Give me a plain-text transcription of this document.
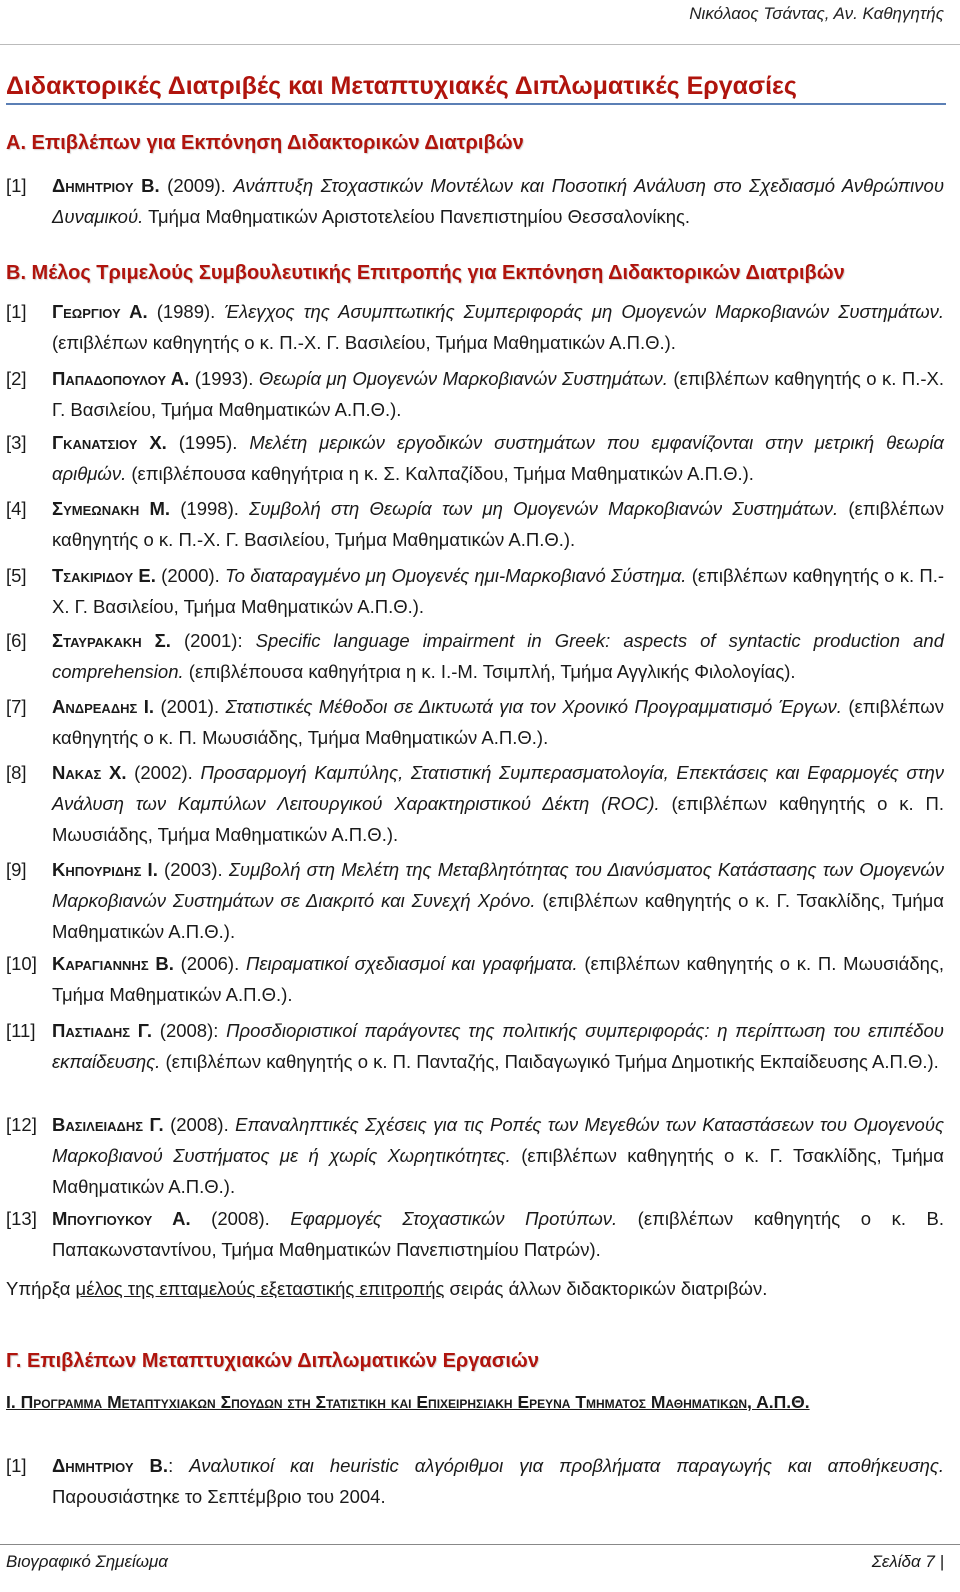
Νικόλαος Τσάντας, Αν. Καθηγητής
Διδακτορικές Διατριβές και Μεταπτυχιακές Διπλωματικές Εργασίες
Α. Επιβλέπων για Εκπόνηση Διδακτορικών Διατριβών
[1] Δημητριου Β. (2009). Ανάπτυξη Στοχαστικών Μοντέλων και Ποσοτική Ανάλυση στο Σχεδιασμό Ανθρώπινου Δυναμικού. Τμήμα Μαθηματικών Αριστοτελείου Πανεπιστημίου Θεσσαλονίκης.
Β. Μέλος Τριμελούς Συμβουλευτικής Επιτροπής για Εκπόνηση Διδακτορικών Διατριβών
[1] Γεωργιου Α. (1989). Έλεγχος της Ασυμπτωτικής Συμπεριφοράς μη Ομογενών Μαρκοβιανών Συστημάτων. (επιβλέπων καθηγητής ο κ. Π.-Χ. Γ. Βασιλείου, Τμήμα Μαθηματικών Α.Π.Θ.).
[2] Παπαδοπουλου Α. (1993). Θεωρία μη Ομογενών Μαρκοβιανών Συστημάτων. (επιβλέπων καθηγητής ο κ. Π.-Χ. Γ. Βασιλείου, Τμήμα Μαθηματικών Α.Π.Θ.).
[3] Γκανατσιου Χ. (1995). Μελέτη μερικών εργοδικών συστημάτων που εμφανίζονται στην μετρική θεωρία αριθμών. (επιβλέπουσα καθηγήτρια η κ. Σ. Καλπαζίδου, Τμήμα Μαθηματικών Α.Π.Θ.).
[4] Συμεωνακη Μ. (1998). Συμβολή στη Θεωρία των μη Ομογενών Μαρκοβιανών Συστημάτων. (επιβλέπων καθηγητής ο κ. Π.-Χ. Γ. Βασιλείου, Τμήμα Μαθηματικών Α.Π.Θ.).
[5] Τσακιριδου Ε. (2000). Το διαταραγμένο μη Ομογενές ημι-Μαρκοβιανό Σύστημα. (επιβλέπων καθηγητής ο κ. Π.-Χ. Γ. Βασιλείου, Τμήμα Μαθηματικών Α.Π.Θ.).
[6] Σταυρακακη Σ. (2001): Specific language impairment in Greek: aspects of syntactic production and comprehension. (επιβλέπουσα καθηγήτρια η κ. Ι.-Μ. Τσιμπλή, Τμήμα Αγγλικής Φιλολογίας).
[7] Ανδρεαδης Ι. (2001). Στατιστικές Μέθοδοι σε Δικτυωτά για τον Χρονικό Προγραμματισμό Έργων. (επιβλέπων καθηγητής ο κ. Π. Μωυσιάδης, Τμήμα Μαθηματικών Α.Π.Θ.).
[8] Νακας Χ. (2002). Προσαρμογή Καμπύλης, Στατιστική Συμπερασματολογία, Επεκτάσεις και Εφαρμογές στην Ανάλυση των Καμπύλων Λειτουργικού Χαρακτηριστικού Δέκτη (ROC). (επιβλέπων καθηγητής ο κ. Π. Μωυσιάδης, Τμήμα Μαθηματικών Α.Π.Θ.).
[9] Κηπουριδης Ι. (2003). Συμβολή στη Μελέτη της Μεταβλητότητας του Διανύσματος Κατάστασης των Ομογενών Μαρκοβιανών Συστημάτων σε Διακριτό και Συνεχή Χρόνο. (επιβλέπων καθηγητής ο κ. Γ. Τσακλίδης, Τμήμα Μαθηματικών Α.Π.Θ.).
[10] Καραγιαννης Β. (2006). Πειραματικοί σχεδιασμοί και γραφήματα. (επιβλέπων καθηγητής ο κ. Π. Μωυσιάδης, Τμήμα Μαθηματικών Α.Π.Θ.).
[11] Παστιαδης Γ. (2008): Προσδιοριστικοί παράγοντες της πολιτικής συμπεριφοράς: η περίπτωση του επιπέδου εκπαίδευσης. (επιβλέπων καθηγητής ο κ. Π. Πανταζής, Παιδαγωγικό Τμήμα Δημοτικής Εκπαίδευσης Α.Π.Θ.).
[12] Βασιλειαδης Γ. (2008). Επαναληπτικές Σχέσεις για τις Ροπές των Μεγεθών των Καταστάσεων του Ομογενούς Μαρκοβιανού Συστήματος με ή χωρίς Χωρητικότητες. (επιβλέπων καθηγητής ο κ. Γ. Τσακλίδης, Τμήμα Μαθηματικών Α.Π.Θ.).
[13] Μπουγιουκου Α. (2008). Εφαρμογές Στοχαστικών Προτύπων. (επιβλέπων καθηγητής ο κ. Β. Παπακωνσταντίνου, Τμήμα Μαθηματικών Πανεπιστημίου Πατρών).
Υπήρξα μέλος της επταμελούς εξεταστικής επιτροπής σειράς άλλων διδακτορικών διατριβών.
Γ. Επιβλέπων Μεταπτυχιακών Διπλωματικών Εργασιών
Ι. Προγραμμα Μεταπτυχιακων Σπουδων στη Στατιστικη και Επιχειρησιακη Ερευνα Τμηματος Μαθηματικων, Α.Π.Θ.
[1] Δημητριου Β.: Αναλυτικοί και heuristic αλγόριθμοι για προβλήματα παραγωγής και αποθήκευσης. Παρουσιάστηκε το Σεπτέμβριο του 2004.
Βιογραφικό Σημείωμα	Σελίδα 7 |
